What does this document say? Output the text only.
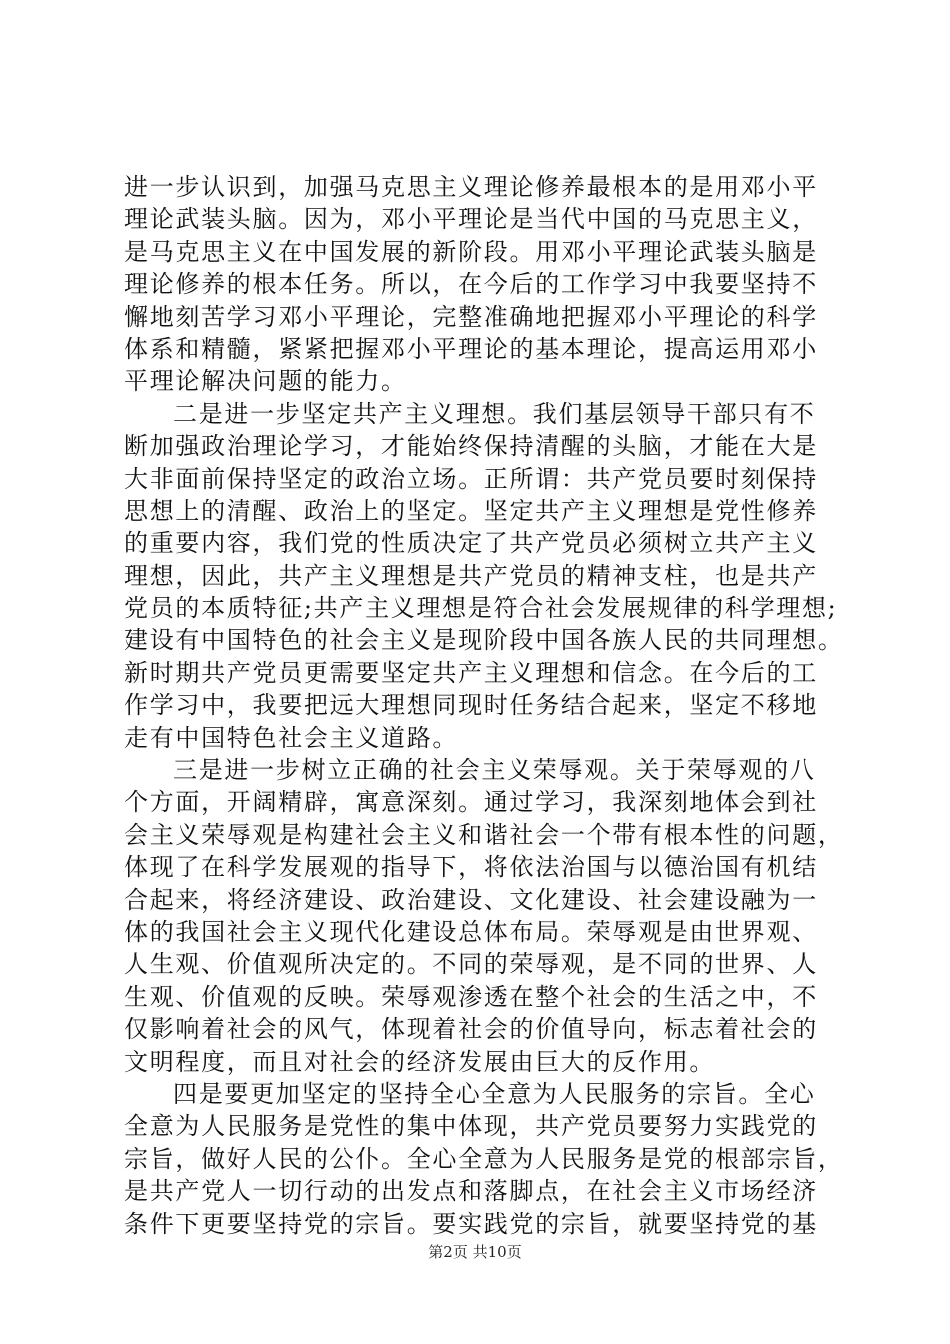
进一步认识到，加强马克思主义理论修养最根本的是用邓小平
理论武装头脑。因为，邓小平理论是当代中国的马克思主义，
是马克思主义在中国发展的新阶段。用邓小平理论武装头脑是
理论修养的根本任务。所以，在今后的工作学习中我要坚持不
懈地刻苦学习邓小平理论，完整准确地把握邓小平理论的科学
体系和精髓，紧紧把握邓小平理论的基本理论，提高运用邓小
平理论解决问题的能力。
二是进一步坚定共产主义理想。我们基层领导干部只有不
断加强政治理论学习，才能始终保持清醒的头脑，才能在大是
大非面前保持坚定的政治立场。正所谓：共产党员要时刻保持
思想上的清醒、政治上的坚定。坚定共产主义理想是党性修养
的重要内容，我们党的性质决定了共产党员必须树立共产主义
理想，因此，共产主义理想是共产党员的精神支柱，也是共产
党员的本质特征;共产主义理想是符合社会发展规律的科学理想;
建设有中国特色的社会主义是现阶段中国各族人民的共同理想。
新时期共产党员更需要坚定共产主义理想和信念。在今后的工
作学习中，我要把远大理想同现时任务结合起来，坚定不移地
走有中国特色社会主义道路。
三是进一步树立正确的社会主义荣辱观。关于荣辱观的八
个方面，开阔精辟，寓意深刻。通过学习，我深刻地体会到社
会主义荣辱观是构建社会主义和谐社会一个带有根本性的问题，
体现了在科学发展观的指导下，将依法治国与以德治国有机结
合起来，将经济建设、政治建设、文化建设、社会建设融为一
体的我国社会主义现代化建设总体布局。荣辱观是由世界观、
人生观、价值观所决定的。不同的荣辱观，是不同的世界、人
生观、价值观的反映。荣辱观渗透在整个社会的生活之中，不
仅影响着社会的风气，体现着社会的价值导向，标志着社会的
文明程度，而且对社会的经济发展由巨大的反作用。
四是要更加坚定的坚持全心全意为人民服务的宗旨。全心
全意为人民服务是党性的集中体现，共产党员要努力实践党的
宗旨，做好人民的公仆。全心全意为人民服务是党的根部宗旨，
是共产党人一切行动的出发点和落脚点，在社会主义市场经济
条件下更要坚持党的宗旨。要实践党的宗旨，就要坚持党的基
第2页 共10页
